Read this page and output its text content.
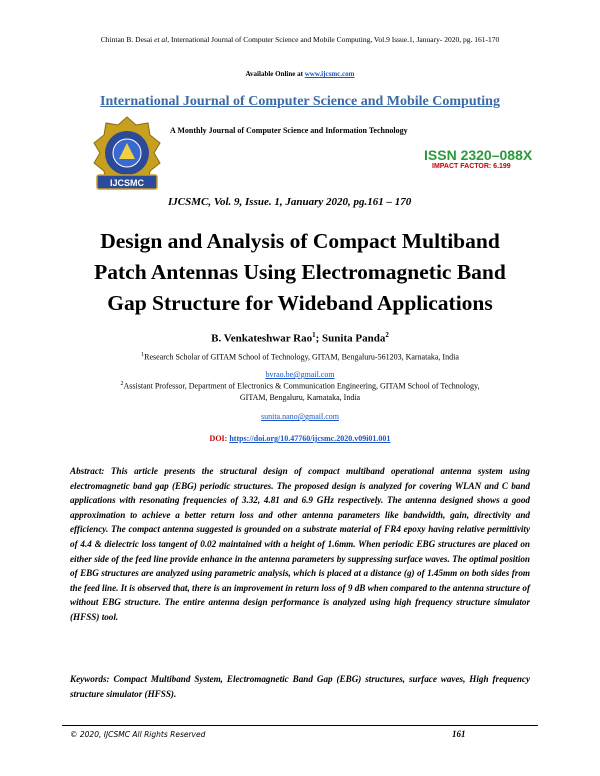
Chintan B. Desai et al, International Journal of Computer Science and Mobile Computing, Vol.9 Issue.1, January- 2020, pg. 161-170
Available Online at www.ijcsmc.com
International Journal of Computer Science and Mobile Computing
A Monthly Journal of Computer Science and Information Technology
IJCSMC
ISSN 2320–088X
IMPACT FACTOR: 6.199
IJCSMC, Vol. 9, Issue. 1, January 2020, pg.161 – 170
Design and Analysis of Compact Multiband
Patch Antennas Using Electromagnetic Band
Gap Structure for Wideband Applications
B. Venkateshwar Rao$^1$; Sunita Panda$^2$
$^1$Research Scholar of GITAM School of Technology, GITAM, Bengaluru-561203, Karnataka, India
bvrao.be@gmail.com
$^2$Assistant Professor, Department of Electronics & Communication Engineering, GITAM School of Technology,
GITAM, Bengaluru, Karnataka, India
sunita.nano@gmail.com
DOI: https://doi.org/10.47760/ijcsmc.2020.v09i01.001
Abstract: This article presents the structural design of compact multiband operational antenna system using electromagnetic band gap (EBG) periodic structures. The proposed design is analyzed for covering WLAN and C band applications with resonating frequencies of 3.32, 4.81 and 6.9 GHz respectively. The antenna designed shows a good approximation to achieve a better return loss and other antenna parameters like bandwidth, gain, directivity and efficiency. The compact antenna suggested is grounded on a substrate material of FR4 epoxy having relative permittivity of 4.4 & dielectric loss tangent of 0.02 maintained with a height of 1.6mm. When periodic EBG structures are placed on either side of the feed line provide enhance in the antenna parameters by suppressing surface waves. The optimal position of EBG structures are analyzed using parametric analysis, which is placed at a distance (g) of 1.45mm on both sides from the feed line. It is observed that, there is an improvement in return loss of 9 dB when compared to the antenna structure of without EBG structure. The entire antenna design performance is analyzed using high frequency structure simulator (HFSS) tool.
Keywords: Compact Multiband System, Electromagnetic Band Gap (EBG) structures, surface waves, High frequency structure simulator (HFSS).
© 2020, IJCSMC All Rights Reserved	161
